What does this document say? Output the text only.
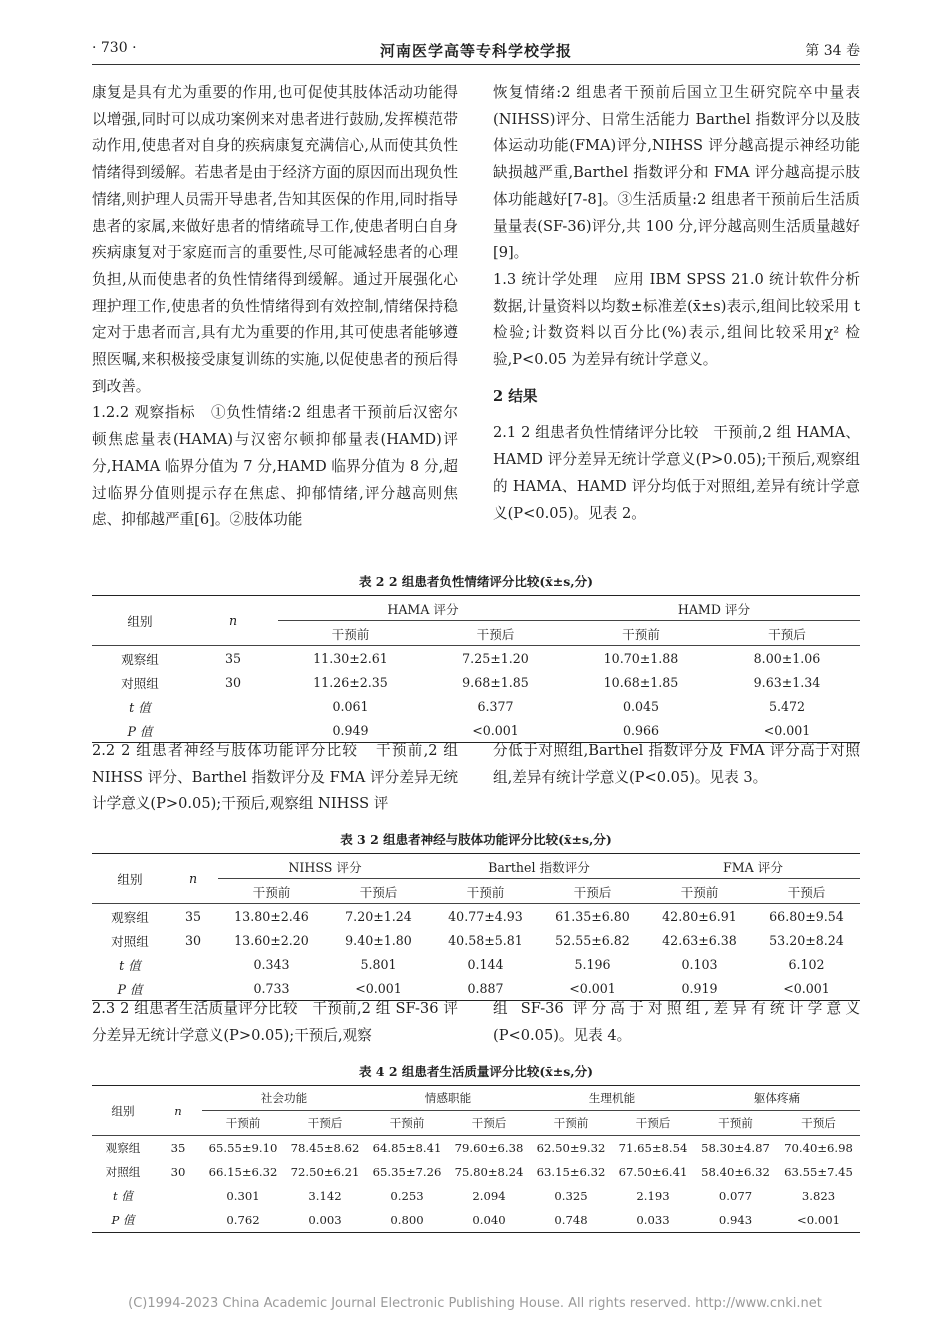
· 730 ·	河南医学高等专科学校学报	第 34 卷

康复是具有尤为重要的作用,也可促使其肢体活动功能得以增强,同时可以成功案例来对患者进行鼓励,发挥模范带动作用,使患者对自身的疾病康复充满信心,从而使其负性情绪得到缓解。若患者是由于经济方面的原因而出现负性情绪,则护理人员需开导患者,告知其医保的作用,同时指导患者的家属,来做好患者的情绪疏导工作,使患者明白自身疾病康复对于家庭而言的重要性,尽可能减轻患者的心理负担,从而使患者的负性情绪得到缓解。通过开展强化心理护理工作,使患者的负性情绪得到有效控制,情绪保持稳定对于患者而言,具有尤为重要的作用,其可使患者能够遵照医嘱,来积极接受康复训练的实施,以促使患者的预后得到改善。

1.2.2 观察指标 ①负性情绪:2 组患者干预前后汉密尔顿焦虑量表(HAMA)与汉密尔顿抑郁量表(HAMD)评分,HAMA 临界分值为 7 分,HAMD 临界分值为 8 分,超过临界分值则提示存在焦虑、抑郁情绪,评分越高则焦虑、抑郁越严重[6]。②肢体功能

恢复情绪:2 组患者干预前后国立卫生研究院卒中量表(NIHSS)评分、日常生活能力 Barthel 指数评分以及肢体运动功能(FMA)评分,NIHSS 评分越高提示神经功能缺损越严重,Barthel 指数评分和 FMA 评分越高提示肢体功能越好[7-8]。③生活质量:2 组患者干预前后生活质量量表(SF-36)评分,共 100 分,评分越高则生活质量越好[9]。

1.3 统计学处理 应用 IBM SPSS 21.0 统计软件分析数据,计量资料以均数±标准差(x̄±s)表示,组间比较采用 t 检验;计数资料以百分比(%)表示,组间比较采用χ² 检验,P<0.05 为差异有统计学意义。

2 结果

2.1 2 组患者负性情绪评分比较 干预前,2 组 HAMA、HAMD 评分差异无统计学意义(P>0.05);干预后,观察组的 HAMA、HAMD 评分均低于对照组,差异有统计学意义(P<0.05)。见表 2。

表 2 2 组患者负性情绪评分比较(x̄±s,分)
组别	n	HAMA 评分		HAMD 评分	
		干预前	干预后	干预前	干预后
观察组	35	11.30±2.61	7.25±1.20	10.70±1.88	8.00±1.06
对照组	30	11.26±2.35	9.68±1.85	10.68±1.85	9.63±1.34
t 值		0.061	6.377	0.045	5.472
P 值		0.949	<0.001	0.966	<0.001

2.2 2 组患者神经与肢体功能评分比较 干预前,2 组 NIHSS 评分、Barthel 指数评分及 FMA 评分差异无统计学意义(P>0.05);干预后,观察组 NIHSS 评

分低于对照组,Barthel 指数评分及 FMA 评分高于对照组,差异有统计学意义(P<0.05)。见表 3。

表 3 2 组患者神经与肢体功能评分比较(x̄±s,分)
组别	n	NIHSS 评分		Barthel 指数评分		FMA 评分	
		干预前	干预后	干预前	干预后	干预前	干预后
观察组	35	13.80±2.46	7.20±1.24	40.77±4.93	61.35±6.80	42.80±6.91	66.80±9.54
对照组	30	13.60±2.20	9.40±1.80	40.58±5.81	52.55±6.82	42.63±6.38	53.20±8.24
t 值		0.343	5.801	0.144	5.196	0.103	6.102
P 值		0.733	<0.001	0.887	<0.001	0.919	<0.001

2.3 2 组患者生活质量评分比较 干预前,2 组 SF-36 评分差异无统计学意义(P>0.05);干预后,观察

组 SF-36 评分高于对照组,差异有统计学意义(P<0.05)。见表 4。

表 4 2 组患者生活质量评分比较(x̄±s,分)
组别	n	社会功能		情感职能		生理机能		躯体疼痛	
		干预前	干预后	干预前	干预后	干预前	干预后	干预前	干预后
观察组	35	65.55±9.10	78.45±8.62	64.85±8.41	79.60±6.38	62.50±9.32	71.65±8.54	58.30±4.87	70.40±6.98
对照组	30	66.15±6.32	72.50±6.21	65.35±7.26	75.80±8.24	63.15±6.32	67.50±6.41	58.40±6.32	63.55±7.45
t 值		0.301	3.142	0.253	2.094	0.325	2.193	0.077	3.823
P 值		0.762	0.003	0.800	0.040	0.748	0.033	0.943	<0.001
(C)1994-2023 China Academic Journal Electronic Publishing House. All rights reserved. http://www.cnki.net
